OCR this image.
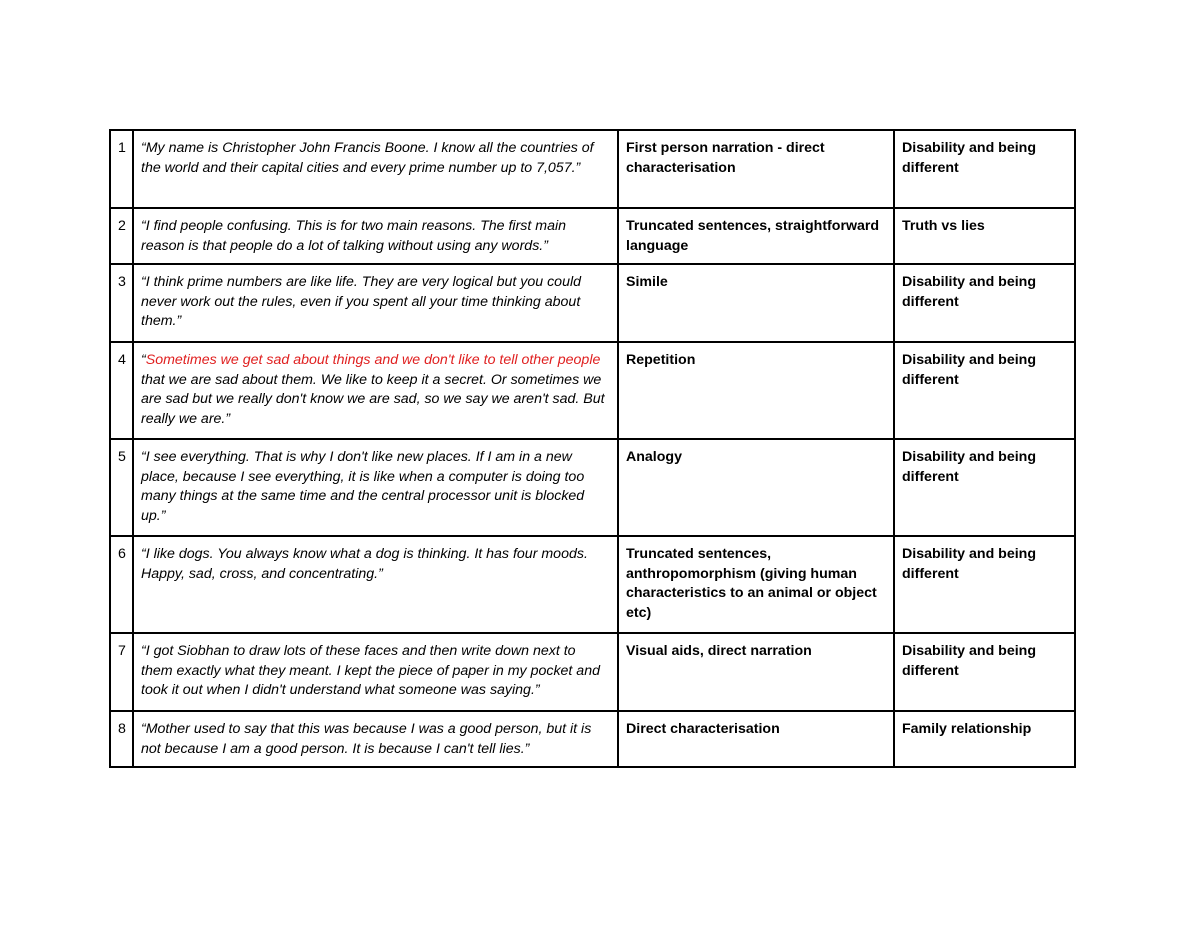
1	“My name is Christopher John Francis Boone. I know all the countries of the world and their capital cities and every prime number up to 7,057.”	First person narration - direct characterisation	Disability and being different
2	“I find people confusing. This is for two main reasons. The first main reason is that people do a lot of talking without using any words.”	Truncated sentences, straightforward language	Truth vs lies
3	“I think prime numbers are like life. They are very logical but you could never work out the rules, even if you spent all your time thinking about them.”	Simile	Disability and being different
4	“Sometimes we get sad about things and we don't like to tell other people that we are sad about them. We like to keep it a secret. Or sometimes we are sad but we really don't know we are sad, so we say we aren't sad. But really we are.”	Repetition	Disability and being different
5	“I see everything. That is why I don't like new places. If I am in a new place, because I see everything, it is like when a computer is doing too many things at the same time and the central processor unit is blocked up.”	Analogy	Disability and being different
6	“I like dogs. You always know what a dog is thinking. It has four moods. Happy, sad, cross, and concentrating.”	Truncated sentences, anthropomorphism (giving human characteristics to an animal or object etc)	Disability and being different
7	“I got Siobhan to draw lots of these faces and then write down next to them exactly what they meant. I kept the piece of paper in my pocket and took it out when I didn't understand what someone was saying.”	Visual aids, direct narration	Disability and being different
8	“Mother used to say that this was because I was a good person, but it is not because I am a good person. It is because I can't tell lies.”	Direct characterisation	Family relationship
